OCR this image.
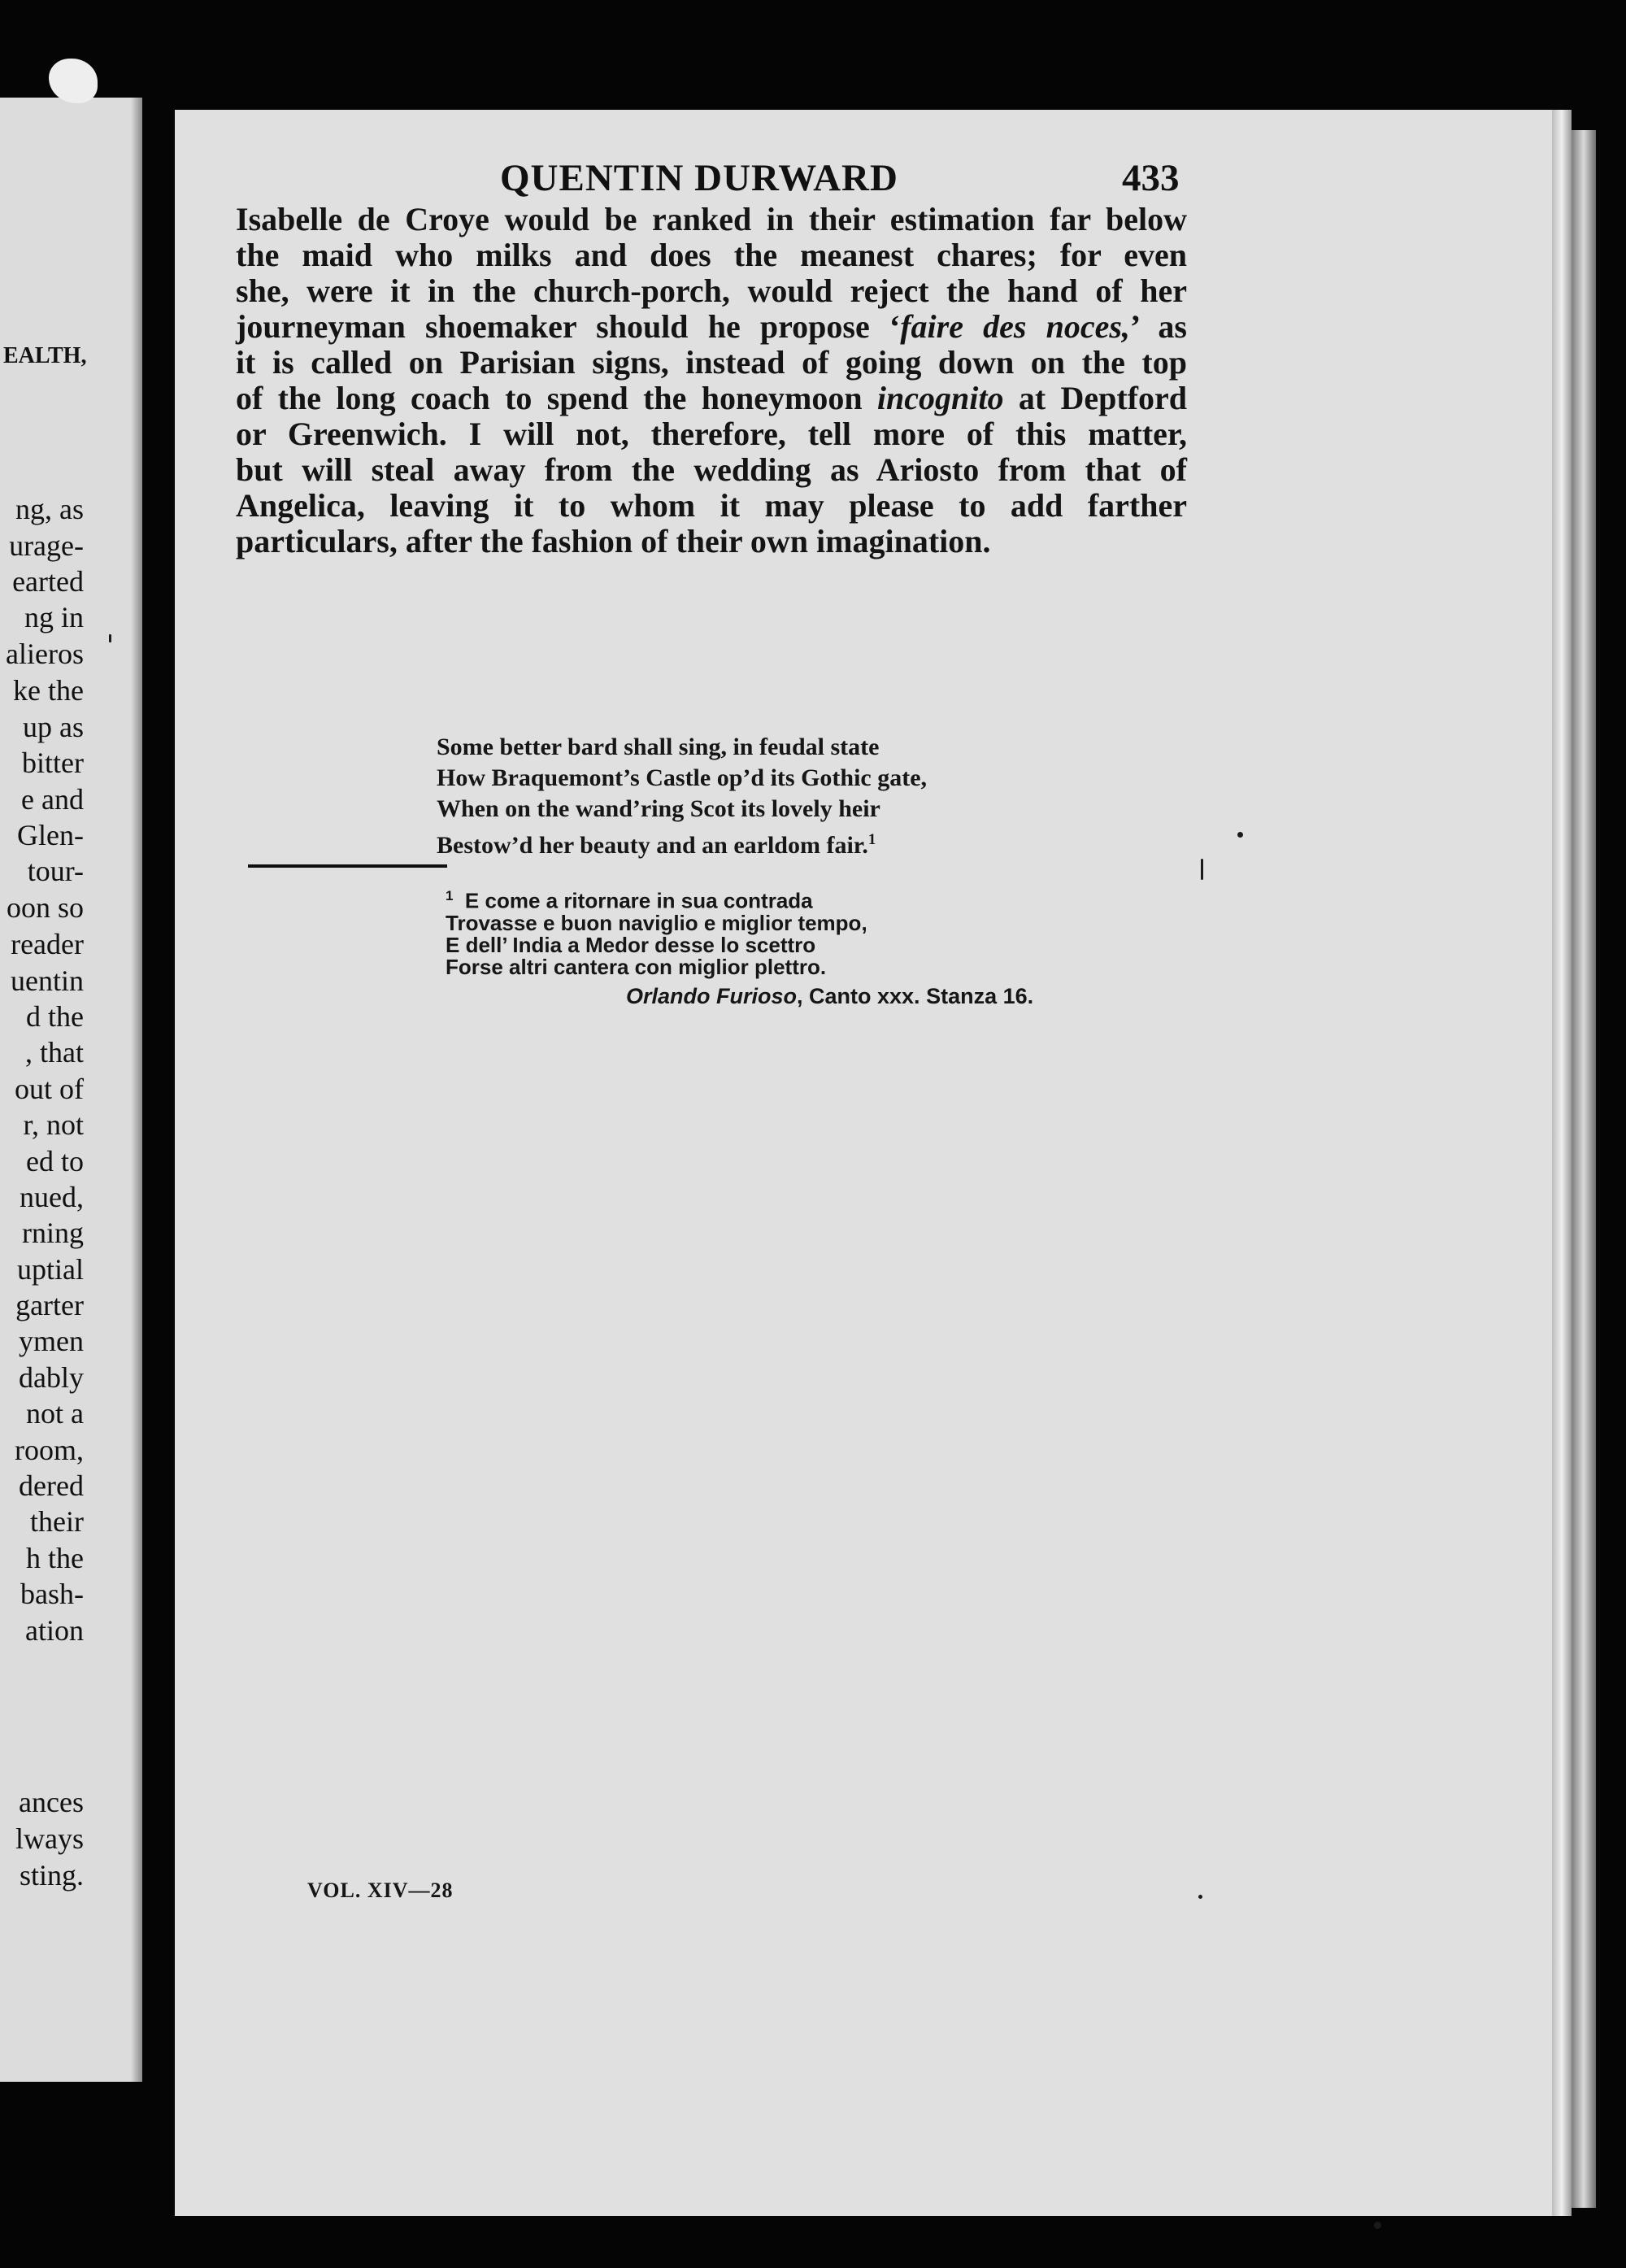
EALTH,
ng, as
urage-
earted
ng in
alieros
ke the
up as
bitter
e and
Glen-
tour-
oon so
reader
uentin
d the
, that
out of
r, not
ed to
nued,
rning
uptial
garter
ymen
dably
not a
room,
dered
their
h the
bash-
ation
ances
lways
sting.
QUENTIN DURWARD	433
Isabelle de Croye would be ranked in their estimation far below
the maid who milks and does the meanest chares; for even
she, were it in the church-porch, would reject the hand of her
journeyman shoemaker should he propose ‘faire des noces,’ as
it is called on Parisian signs, instead of going down on the top
of the long coach to spend the honeymoon incognito at Deptford
or Greenwich. I will not, therefore, tell more of this matter,
but will steal away from the wedding as Ariosto from that of
Angelica, leaving it to whom it may please to add farther
particulars, after the fashion of their own imagination.
Some better bard shall sing, in feudal state
How Braquemont’s Castle op’d its Gothic gate,
When on the wand’ring Scot its lovely heir
Bestow’d her beauty and an earldom fair.$^1$
$^1$ E come a ritornare in sua contrada
Trovasse e buon naviglio e miglior tempo,
E dell’ India a Medor desse lo scettro
Forse altri cantera con miglior plettro.
Orlando Furioso, Canto xxx. Stanza 16.
VOL. XIV—28
